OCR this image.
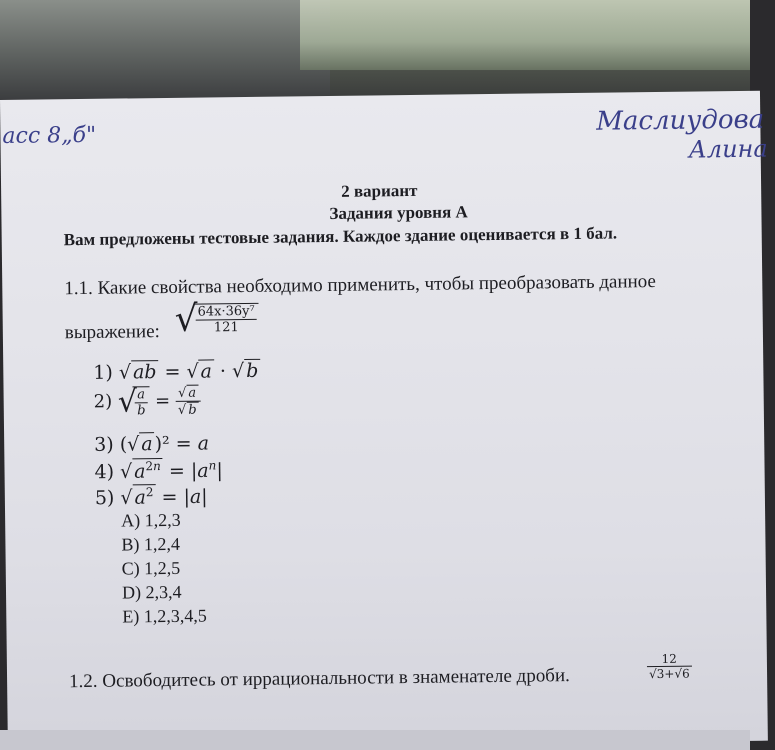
асс 8„б"	Маслиудова
Алина
2 вариант
Задания уровня А
Вам предложены тестовые задания. Каждое здание оценивается в 1 бал.
1.1. Какие свойства необходимо применить, чтобы преобразовать данное
выражение: √
$\frac{\text{64x·36y⁷}}{121}$
1) √ab = √a · √b
2) √
$\frac{a}{b} = \frac{√ a}{√ b}$
3) (√a)² = a
4) $√a^{2n} = |a^n|$
5) $√a^2 = |a|$
A) 1,2,3
B) 1,2,4
C) 1,2,5
D) 2,3,4
E) 1,2,3,4,5
1.2. Освободитесь от иррациональности в знаменателе дроби.	$\frac{12}{√3+√6}$
